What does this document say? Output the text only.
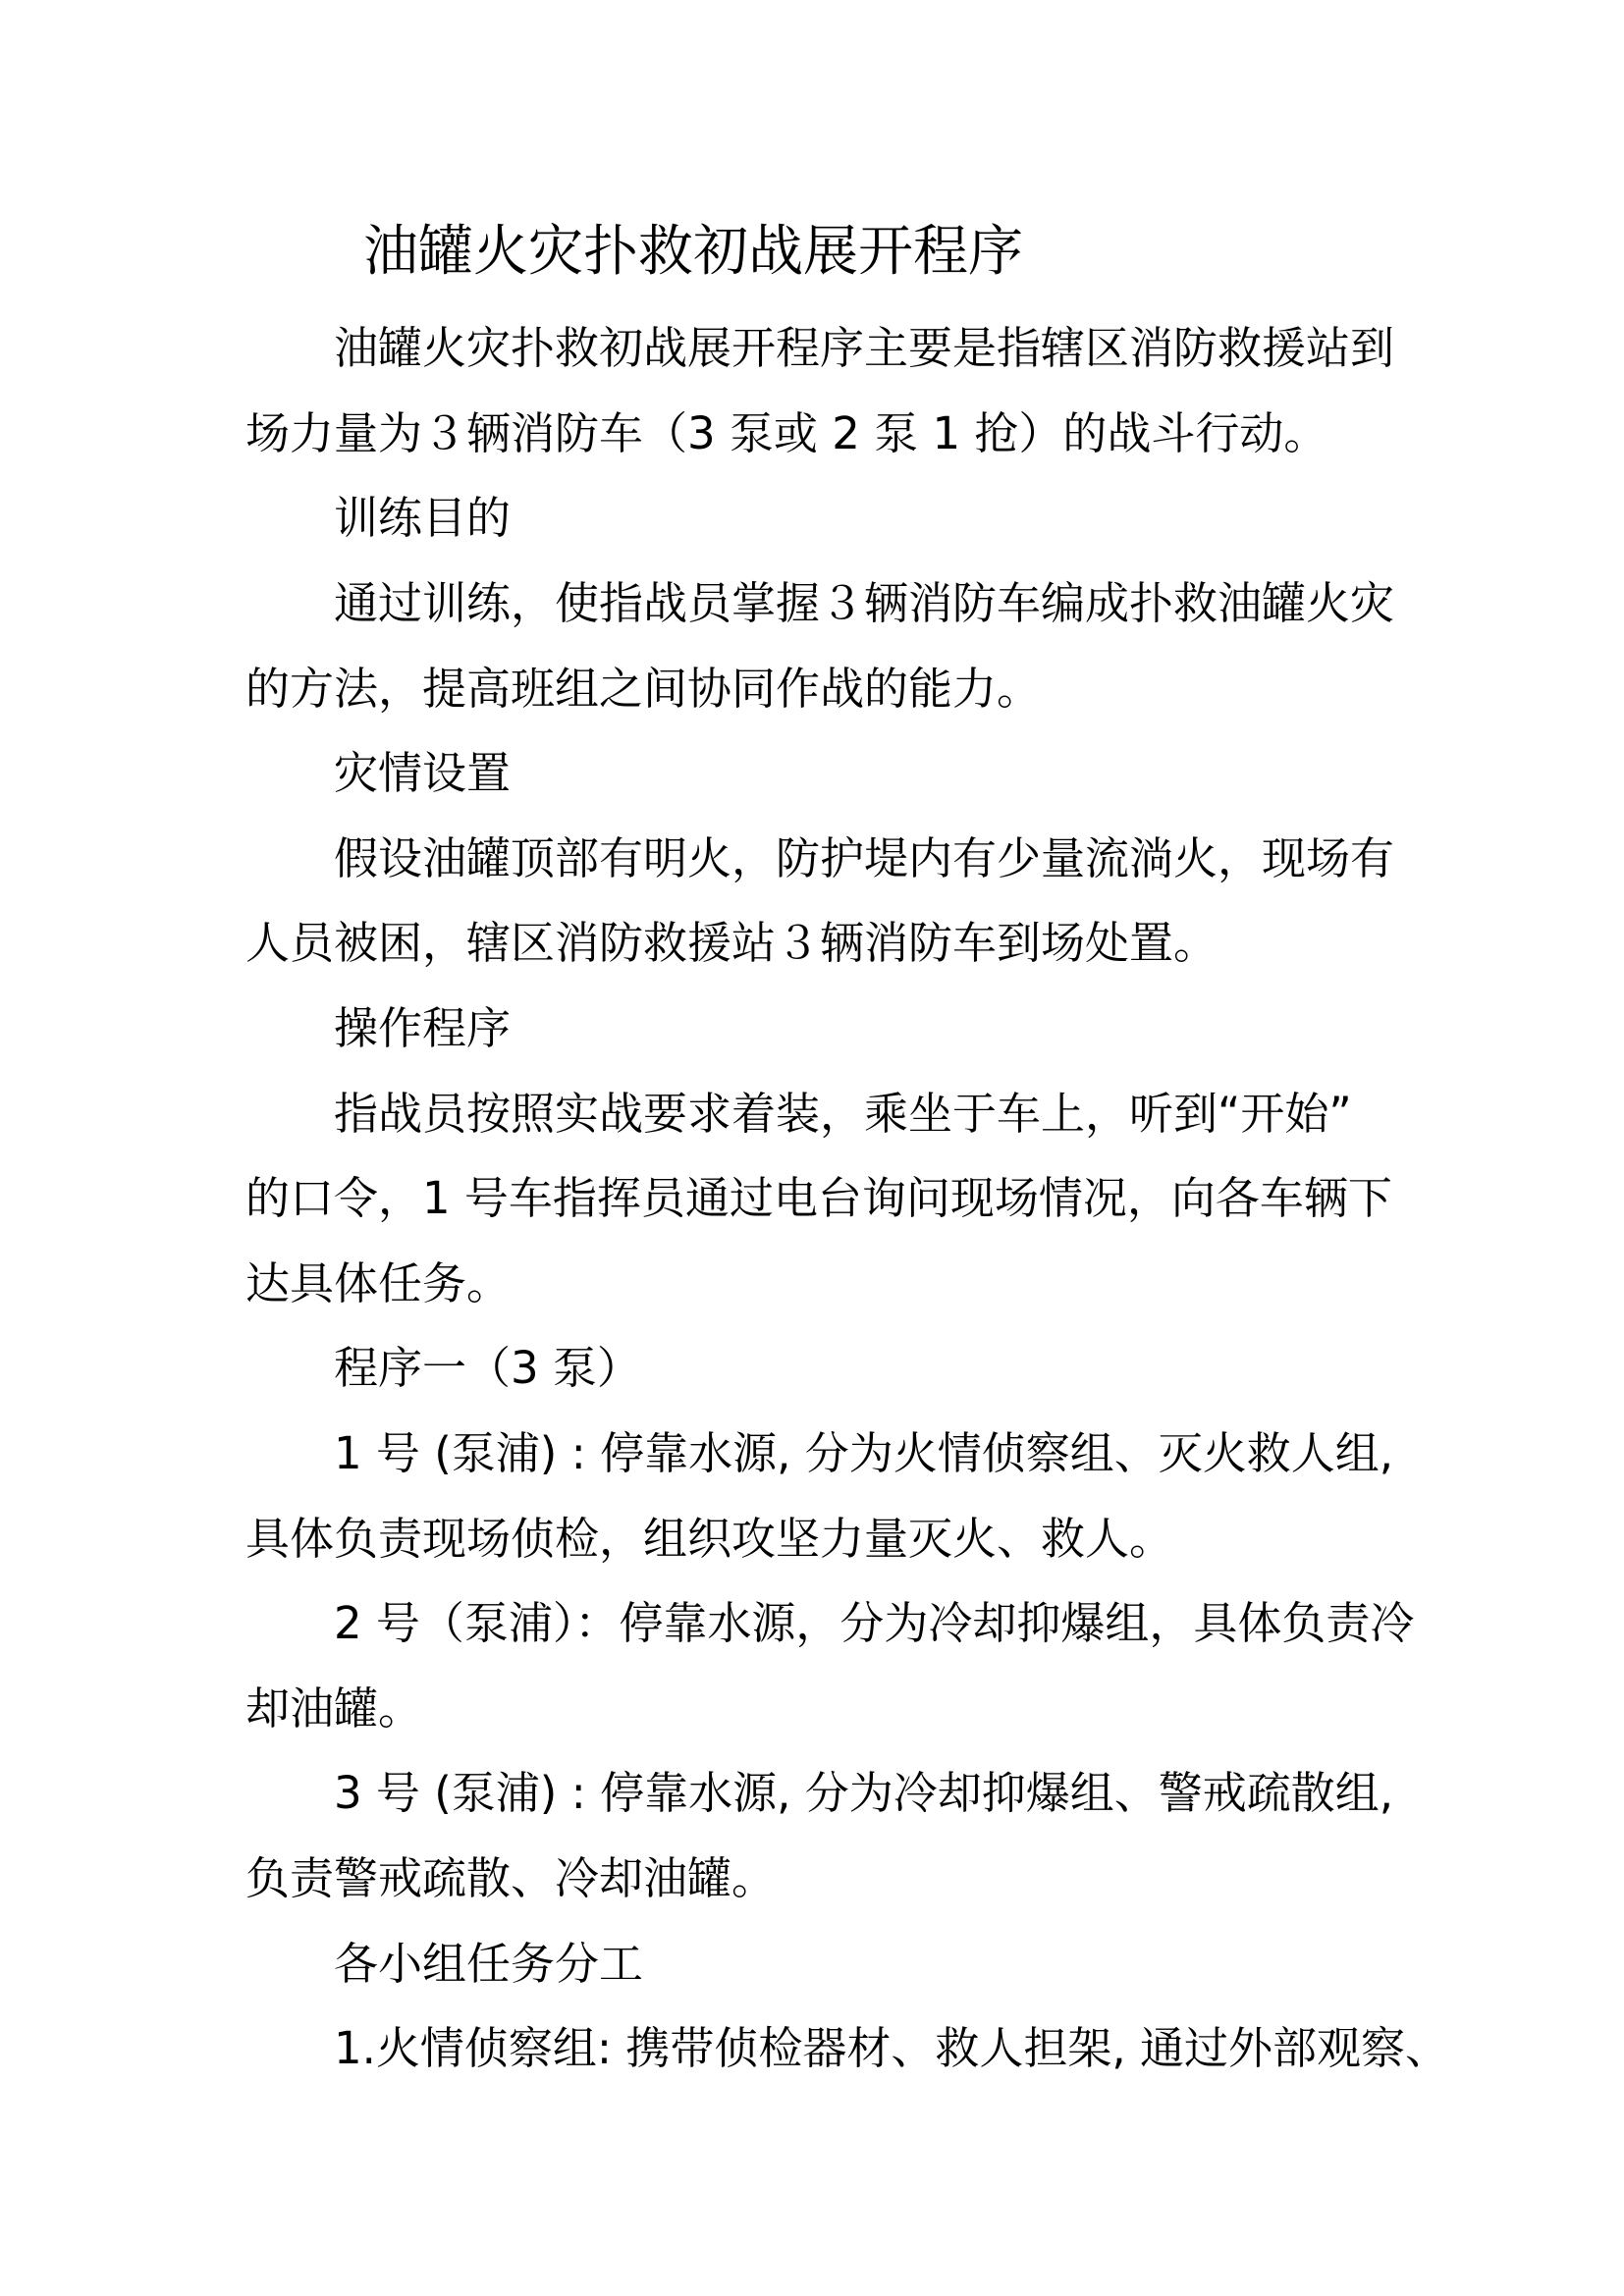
油罐火灾扑救初战展开程序
油罐火灾扑救初战展开程序主要是指辖区消防救援站到
场力量为３辆消防车（3 泵或 2 泵 1 抢）的战斗行动。
训练目的
通过训练，使指战员掌握３辆消防车编成扑救油罐火灾
的方法，提高班组之间协同作战的能力。
灾情设置
假设油罐顶部有明火，防护堤内有少量流淌火，现场有
人员被困，辖区消防救援站３辆消防车到场处置。
操作程序
指战员按照实战要求着装，乘坐于车上，听到“开始”
的口令，1 号车指挥员通过电台询问现场情况，向各车辆下
达具体任务。
程序一（3 泵）
1 号 (泵浦) : 停靠水源, 分为火情侦察组、灭火救人组,
具体负责现场侦检，组织攻坚力量灭火、救人。
2 号（泵浦）：停靠水源，分为冷却抑爆组，具体负责冷
却油罐。
3 号 (泵浦) : 停靠水源, 分为冷却抑爆组、警戒疏散组,
负责警戒疏散、冷却油罐。
各小组任务分工
1.火情侦察组: 携带侦检器材、救人担架, 通过外部观察、
